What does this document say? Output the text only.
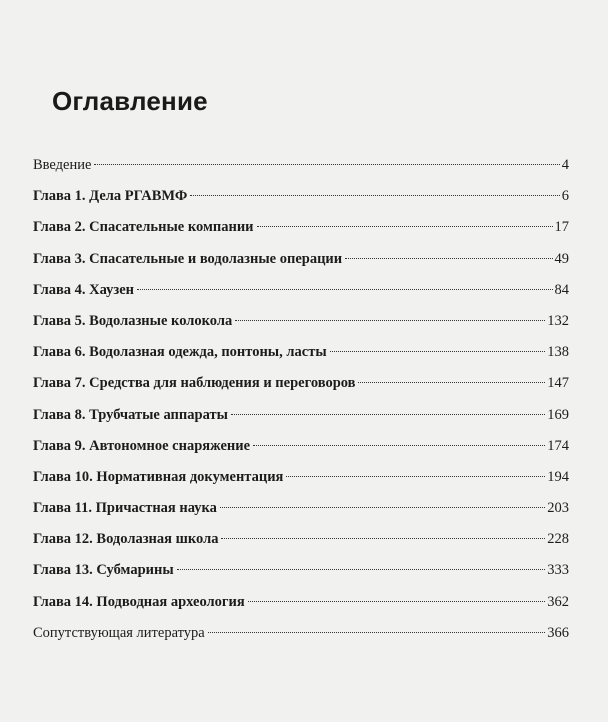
Оглавление
Введение	4
Глава 1. Дела РГАВМФ	6
Глава 2. Спасательные компании	17
Глава 3. Спасательные и водолазные операции	49
Глава 4. Хаузен	84
Глава 5. Водолазные колокола	132
Глава 6. Водолазная одежда, понтоны, ласты	138
Глава 7. Средства для наблюдения и переговоров	147
Глава 8. Трубчатые аппараты	169
Глава 9. Автономное снаряжение	174
Глава 10. Нормативная документация	194
Глава 11. Причастная наука	203
Глава 12. Водолазная школа	228
Глава 13. Субмарины	333
Глава 14. Подводная археология	362
Сопутствующая литература	366
